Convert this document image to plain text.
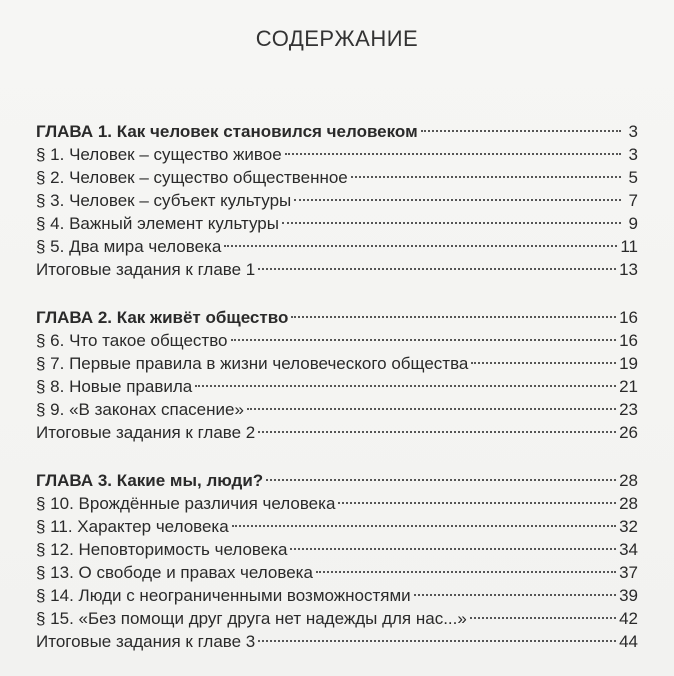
СОДЕРЖАНИЕ
ГЛАВА 1. Как человек становился человеком	3
§ 1. Человек – существо живое	3
§ 2. Человек – существо общественное	5
§ 3. Человек – субъект культуры	7
§ 4. Важный элемент культуры	9
§ 5. Два мира человека	11
Итоговые задания к главе 1	13
ГЛАВА 2. Как живёт общество	16
§ 6. Что такое общество	16
§ 7. Первые правила в жизни человеческого общества	19
§ 8. Новые правила	21
§ 9. «В законах спасение»	23
Итоговые задания к главе 2	26
ГЛАВА 3. Какие мы, люди?	28
§ 10. Врождённые различия человека	28
§ 11. Характер человека	32
§ 12. Неповторимость человека	34
§ 13. О свободе и правах человека	37
§ 14. Люди с неограниченными возможностями	39
§ 15. «Без помощи друг друга нет надежды для нас...»	42
Итоговые задания к главе 3	44
